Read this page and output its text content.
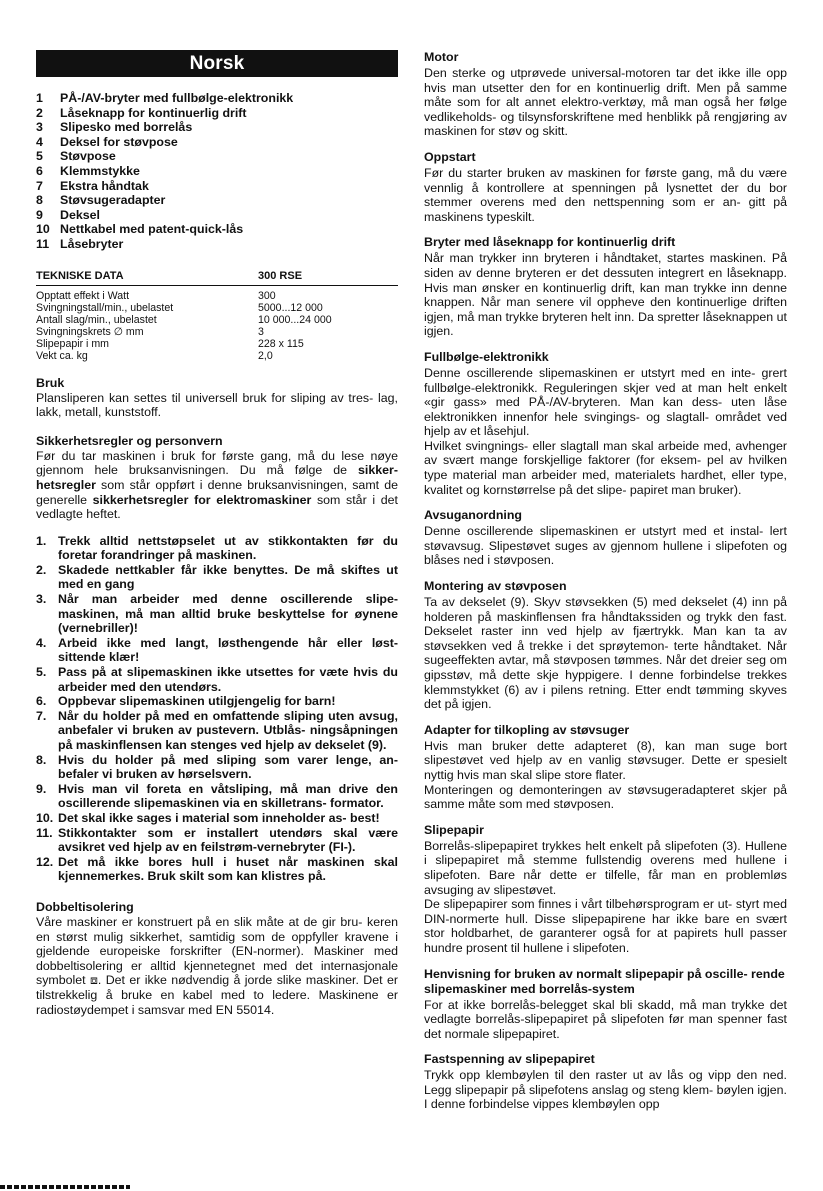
Norsk
1	PÅ-/AV-bryter med fullbølge-elektronikk
2	Låseknapp for kontinuerlig drift
3	Slipesko med borrelås
4	Deksel for støvpose
5	Støvpose
6	Klemmstykke
7	Ekstra håndtak
8	Støvsugeradapter
9	Deksel
10 Nettkabel med patent-quick-lås
11 Låsebryter
TEKNISKE DATA	300 RSE
Opptatt effekt i Watt	300
Svingningstall/min., ubelastet	5000...12 000
Antall slag/min., ubelastet	10 000...24 000
Svingningskrets ∅ mm	3
Slipepapir i mm	228 x 115
Vekt ca. kg	2,0
Bruk
Plansliperen kan settes til universell bruk for sliping av tres- lag, lakk, metall, kunststoff.
Sikkerhetsregler og personvern
Før du tar maskinen i bruk for første gang, må du lese nøye gjennom hele bruksanvisningen. Du må følge de sikker- hetsregler som står oppført i denne bruksanvisningen, samt de generelle sikkerhetsregler for elektromaskiner som står i det vedlagte heftet.
1. Trekk alltid nettstøpselet ut av stikkontakten før du foretar forandringer på maskinen.
2. Skadede nettkabler får ikke benyttes. De må skiftes ut med en gang
3. Når man arbeider med denne oscillerende slipe- maskinen, må man alltid bruke beskyttelse for øynene (vernebriller)!
4. Arbeid ikke med langt, løsthengende hår eller løst- sittende klær!
5. Pass på at slipemaskinen ikke utsettes for væte hvis du arbeider med den utendørs.
6. Oppbevar slipemaskinen utilgjengelig for barn!
7. Når du holder på med en omfattende sliping uten avsug, anbefaler vi bruken av pustevern. Utblås- ningsåpningen på maskinflensen kan stenges ved hjelp av dekselet (9).
8. Hvis du holder på med sliping som varer lenge, an- befaler vi bruken av hørselsvern.
9. Hvis man vil foreta en våtsliping, må man drive den oscillerende slipemaskinen via en skilletrans- formator.
10. Det skal ikke sages i material som inneholder as- best!
11. Stikkontakter som er installert utendørs skal være avsikret ved hjelp av en feilstrøm-vernebryter (FI-).
12. Det må ikke bores hull i huset når maskinen skal kjennemerkes. Bruk skilt som kan klistres på.
Dobbeltisolering
Våre maskiner er konstruert på en slik måte at de gir bru- keren en størst mulig sikkerhet, samtidig som de oppfyller kravene i gjeldende europeiske forskrifter (EN-normer). Maskiner med dobbeltisolering er alltid kjennetegnet med det internasjonale symbolet ⧈. Det er ikke nødvendig å jorde slike maskiner. Det er tilstrekkelig å bruke en kabel med to ledere. Maskinene er radiostøydempet i samsvar med EN 55014.
Motor
Den sterke og utprøvede universal-motoren tar det ikke ille opp hvis man utsetter den for en kontinuerlig drift. Men på samme måte som for alt annet elektro-verktøy, må man også her følge vedlikeholds- og tilsynsforskriftene med henblikk på rengjøring av maskinen for støv og skitt.
Oppstart
Før du starter bruken av maskinen for første gang, må du være vennlig å kontrollere at spenningen på lysnettet der du bor stemmer overens med den nettspenning som er an- gitt på maskinens typeskilt.
Bryter med låseknapp for kontinuerlig drift
Når man trykker inn bryteren i håndtaket, startes maskinen. På siden av denne bryteren er det dessuten integrert en låseknapp. Hvis man ønsker en kontinuerlig drift, kan man trykke inn denne knappen. Når man senere vil oppheve den kontinuerlige driften igjen, må man trykke bryteren helt inn. Da spretter låseknappen ut igjen.
Fullbølge-elektronikk
Denne oscillerende slipemaskinen er utstyrt med en inte- grert fullbølge-elektronikk. Reguleringen skjer ved at man helt enkelt «gir gass» med PÅ-/AV-bryteren. Man kan dess- uten låse elektronikken innenfor hele svingings- og slagtall- området ved hjelp av et låsehjul.
Hvilket svingnings- eller slagtall man skal arbeide med, avhenger av svært mange forskjellige faktorer (for eksem- pel av hvilken type material man arbeider med, materialets hardhet, eller type, kvalitet og kornstørrelse på det slipe- papiret man bruker).
Avsuganordning
Denne oscillerende slipemaskinen er utstyrt med et instal- lert støvavsug. Slipestøvet suges av gjennom hullene i slipefoten og blåses ned i støvposen.
Montering av støvposen
Ta av dekselet (9). Skyv støvsekken (5) med dekselet (4) inn på holderen på maskinflensen fra håndtakssiden og trykk den fast. Dekselet raster inn ved hjelp av fjærtrykk. Man kan ta av støvsekken ved å trekke i det sprøytemon- terte håndtaket. Når sugeeffekten avtar, må støvposen tømmes. Når det dreier seg om gipsstøv, må dette skje hyppigere. I denne forbindelse trekkes klemmstykket (6) av i pilens retning. Etter endt tømming skyves det på igjen.
Adapter for tilkopling av støvsuger
Hvis man bruker dette adapteret (8), kan man suge bort slipestøvet ved hjelp av en vanlig støvsuger. Dette er spesielt nyttig hvis man skal slipe store flater.
Monteringen og demonteringen av støvsugeradapteret skjer på samme måte som med støvposen.
Slipepapir
Borrelås-slipepapiret trykkes helt enkelt på slipefoten (3). Hullene i slipepapiret må stemme fullstendig overens med hullene i slipefoten. Bare når dette er tilfelle, får man en problemløs avsuging av slipestøvet.
De slipepapirer som finnes i vårt tilbehørsprogram er ut- styrt med DIN-normerte hull. Disse slipepapirene har ikke bare en svært stor holdbarhet, de garanterer også for at papirets hull passer hundre prosent til hullene i slipefoten.
Henvisning for bruken av normalt slipepapir på oscille- rende slipemaskiner med borrelås-system
For at ikke borrelås-belegget skal bli skadd, må man trykke det vedlagte borrelås-slipepapiret på slipefoten før man spenner fast det normale slipepapiret.
Fastspenning av slipepapiret
Trykk opp klembøylen til den raster ut av lås og vipp den ned. Legg slipepapir på slipefotens anslag og steng klem- bøylen igjen. I denne forbindelse vippes klembøylen opp
